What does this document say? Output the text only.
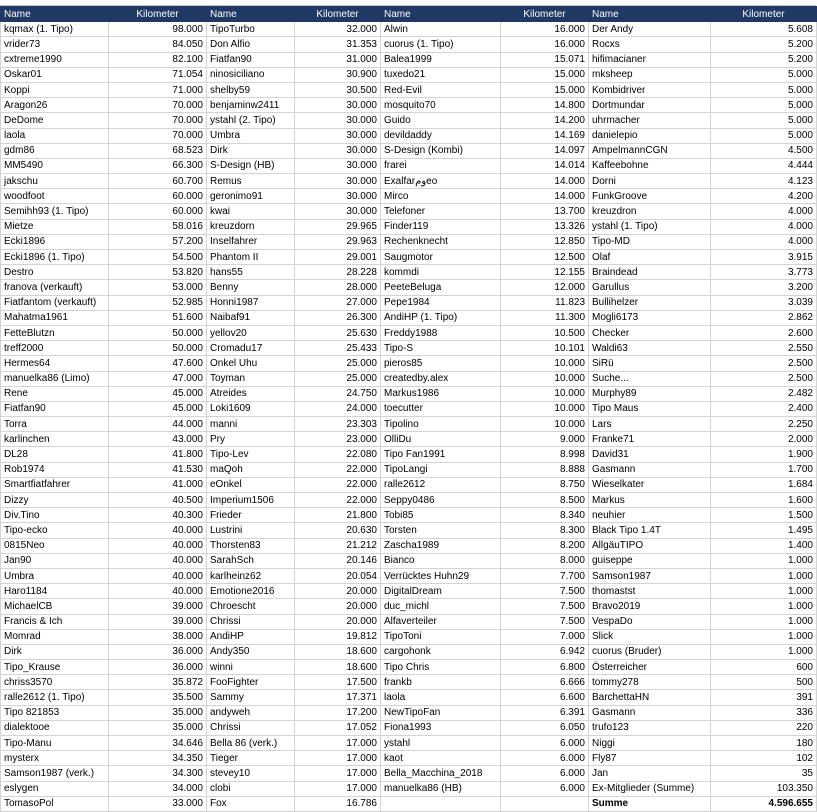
Name	Kilometer	Name	Kilometer	Name	Kilometer	Name	Kilometer
kqmax (1. Tipo)	98.000	TipoTurbo	32.000	Alwin	16.000	Der Andy	5.608
vrider73	84.050	Don Alfio	31.353	cuorus (1. Tipo)	16.000	Rocxs	5.200
cxtreme1990	82.100	Fiatfan90	31.000	Balea1999	15.071	hifimacianer	5.200
Oskar01	71.054	ninosiciliano	30.900	tuxedo21	15.000	mksheep	5.000
Koppi	71.000	shelby59	30.500	Red-Evil	15.000	Kombidriver	5.000
Aragon26	70.000	benjaminw2411	30.000	mosquito70	14.800	Dortmundar	5.000
DeDome	70.000	ystahl (2. Tipo)	30.000	Guido	14.200	uhrmacher	5.000
laola	70.000	Umbra	30.000	devildaddy	14.169	danielepio	5.000
gdm86	68.523	Dirk	30.000	S-Design (Kombi)	14.097	AmpelmannCGN	4.500
MM5490	66.300	S-Design (HB)	30.000	frarei	14.014	Kaffeebohne	4.444
jakschu	60.700	Remus	30.000	Exalfarومeo	14.000	Dorni	4.123
woodfoot	60.000	geronimo91	30.000	Mirco	14.000	FunkGroove	4.200
Semihh93 (1. Tipo)	60.000	kwai	30.000	Telefoner	13.700	kreuzdron	4.000
Mietze	58.016	kreuzdorn	29.965	Finder119	13.326	ystahl (1. Tipo)	4.000
Ecki1896	57.200	Inselfahrer	29.963	Rechenknecht	12.850	Tipo-MD	4.000
Ecki1896 (1. Tipo)	54.500	Phantom II	29.001	Saugmotor	12.500	Olaf	3.915
Destro	53.820	hans55	28.228	kommdi	12.155	Braindead	3.773
franova (verkauft)	53.000	Benny	28.000	PeeteBeluga	12.000	Garullus	3.200
Fiatfantom (verkauft)	52.985	Honni1987	27.000	Pepe1984	11.823	Bullihelzer	3.039
Mahatma1961	51.600	Naibaf91	26.300	AndiHP (1. Tipo)	11.300	Mogli6173	2.862
FetteBlutzn	50.000	yellov20	25.630	Freddy1988	10.500	Checker	2.600
treff2000	50.000	Cromadu17	25.433	Tipo-S	10.101	Waldi63	2.550
Hermes64	47.600	Onkel Uhu	25.000	pieros85	10.000	SiRü	2.500
manuelka86 (Limo)	47.000	Toyman	25.000	createdby.alex	10.000	Suche...	2.500
Rene	45.000	Atreides	24.750	Markus1986	10.000	Murphy89	2.482
Fiatfan90	45.000	Loki1609	24.000	toecutter	10.000	Tipo Maus	2.400
Torra	44.000	manni	23.303	Tipolino	10.000	Lars	2.250
karlinchen	43.000	Pry	23.000	OlliDu	9.000	Franke71	2.000
DL28	41.800	Tipo-Lev	22.080	Tipo Fan1991	8.998	David31	1.900
Rob1974	41.530	maQoh	22.000	TipoLangi	8.888	Gasmann	1.700
Smartfiatfahrer	41.000	eOnkel	22.000	ralle2612	8.750	Wieselkater	1.684
Dizzy	40.500	Imperium1506	22.000	Seppy0486	8.500	Markus	1.600
Div.Tino	40.300	Frieder	21.800	Tobi85	8.340	neuhier	1.500
Tipo-ecko	40.000	Lustrini	20.630	Torsten	8.300	Black Tipo 1.4T	1.495
0815Neo	40.000	Thorsten83	21.212	Zascha1989	8.200	AllgäuTIPO	1.400
Jan90	40.000	SarahSch	20.146	Bianco	8.000	guiseppe	1.000
Umbra	40.000	karlheinz62	20.054	Verrücktes Huhn29	7.700	Samson1987	1.000
Haro1184	40.000	Emotione2016	20.000	DigitalDream	7.500	thomastst	1.000
MichaelCB	39.000	Chroescht	20.000	duc_michl	7.500	Bravo2019	1.000
Francis & Ich	39.000	Chrissi	20.000	Alfaverteiler	7.500	VespaDo	1.000
Momrad	38.000	AndiHP	19.812	TipoToni	7.000	Slick	1.000
Dirk	36.000	Andy350	18.600	cargohonk	6.942	cuorus (Bruder)	1.000
Tipo_Krause	36.000	winni	18.600	Tipo Chris	6.800	Österreicher	600
chriss3570	35.872	FooFighter	17.500	frankb	6.666	tommy278	500
ralle2612 (1. Tipo)	35.500	Sammy	17.371	laola	6.600	BarchettaHN	391
Tipo 821853	35.000	andyweh	17.200	NewTipoFan	6.391	Gasmann	336
dialektooe	35.000	Chrissi	17.052	Fiona1993	6.050	trufo123	220
Tipo-Manu	34.646	Bella 86 (verk.)	17.000	ystahl	6.000	Niggi	180
mysterx	34.350	Tieger	17.000	kaot	6.000	Fly87	102
Samson1987 (verk.)	34.300	stevey10	17.000	Bella_Macchina_2018	6.000	Jan	35
eslygen	34.000	clobi	17.000	manuelka86 (HB)	6.000	Ex-Mitglieder (Summe)	103.350
TomasoPol	33.000	Fox	16.786			Summe	4.596.655
